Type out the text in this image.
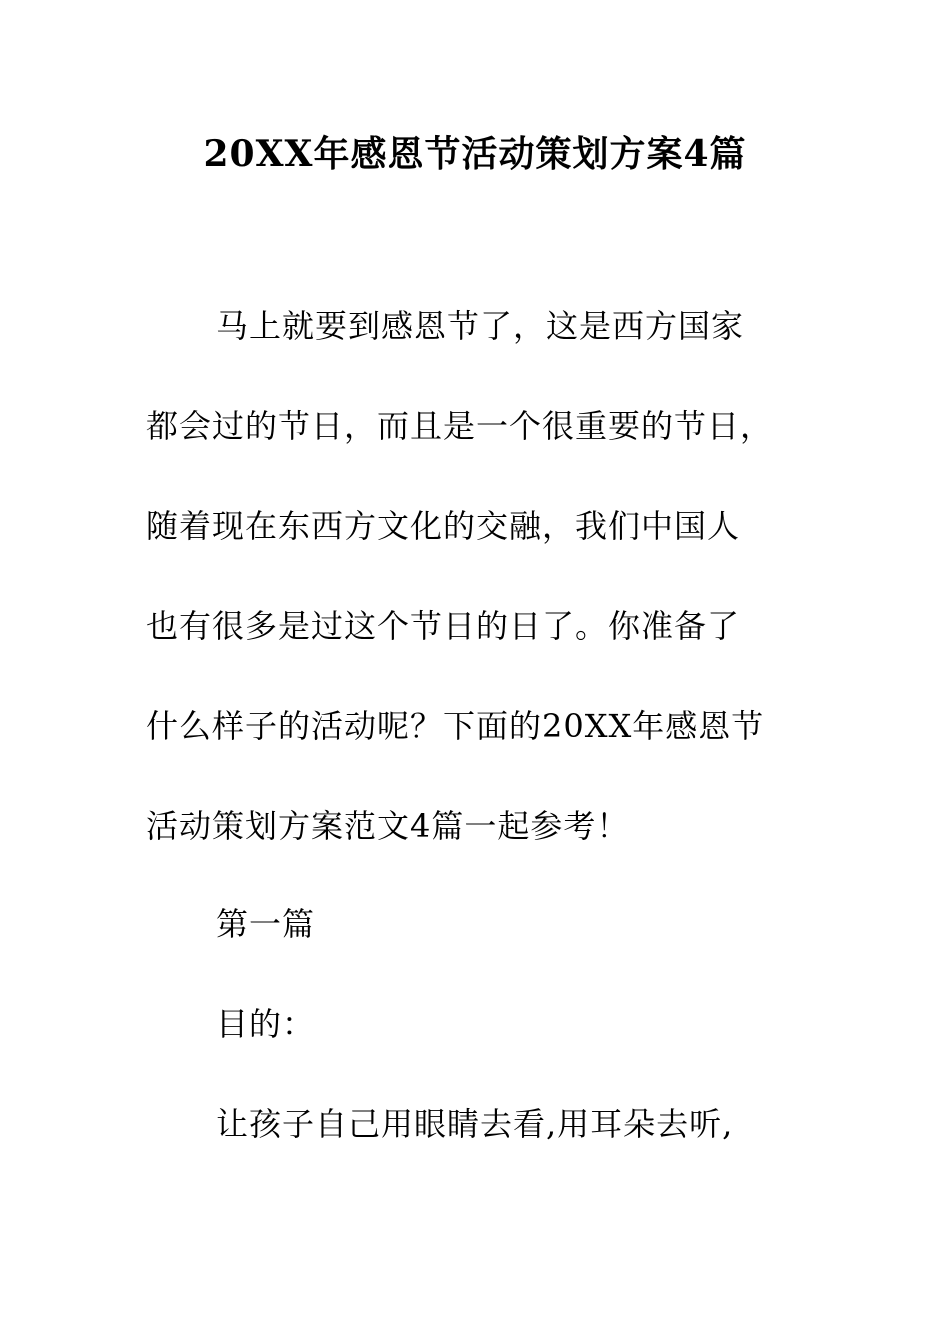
20XX年感恩节活动策划方案4篇
马上就要到感恩节了，这是西方国家
都会过的节日，而且是一个很重要的节日，
随着现在东西方文化的交融，我们中国人
也有很多是过这个节日的日了。你准备了
什么样子的活动呢？下面的20XX年感恩节
活动策划方案范文4篇一起参考！
第一篇
目的：
让孩子自己用眼睛去看,用耳朵去听,
